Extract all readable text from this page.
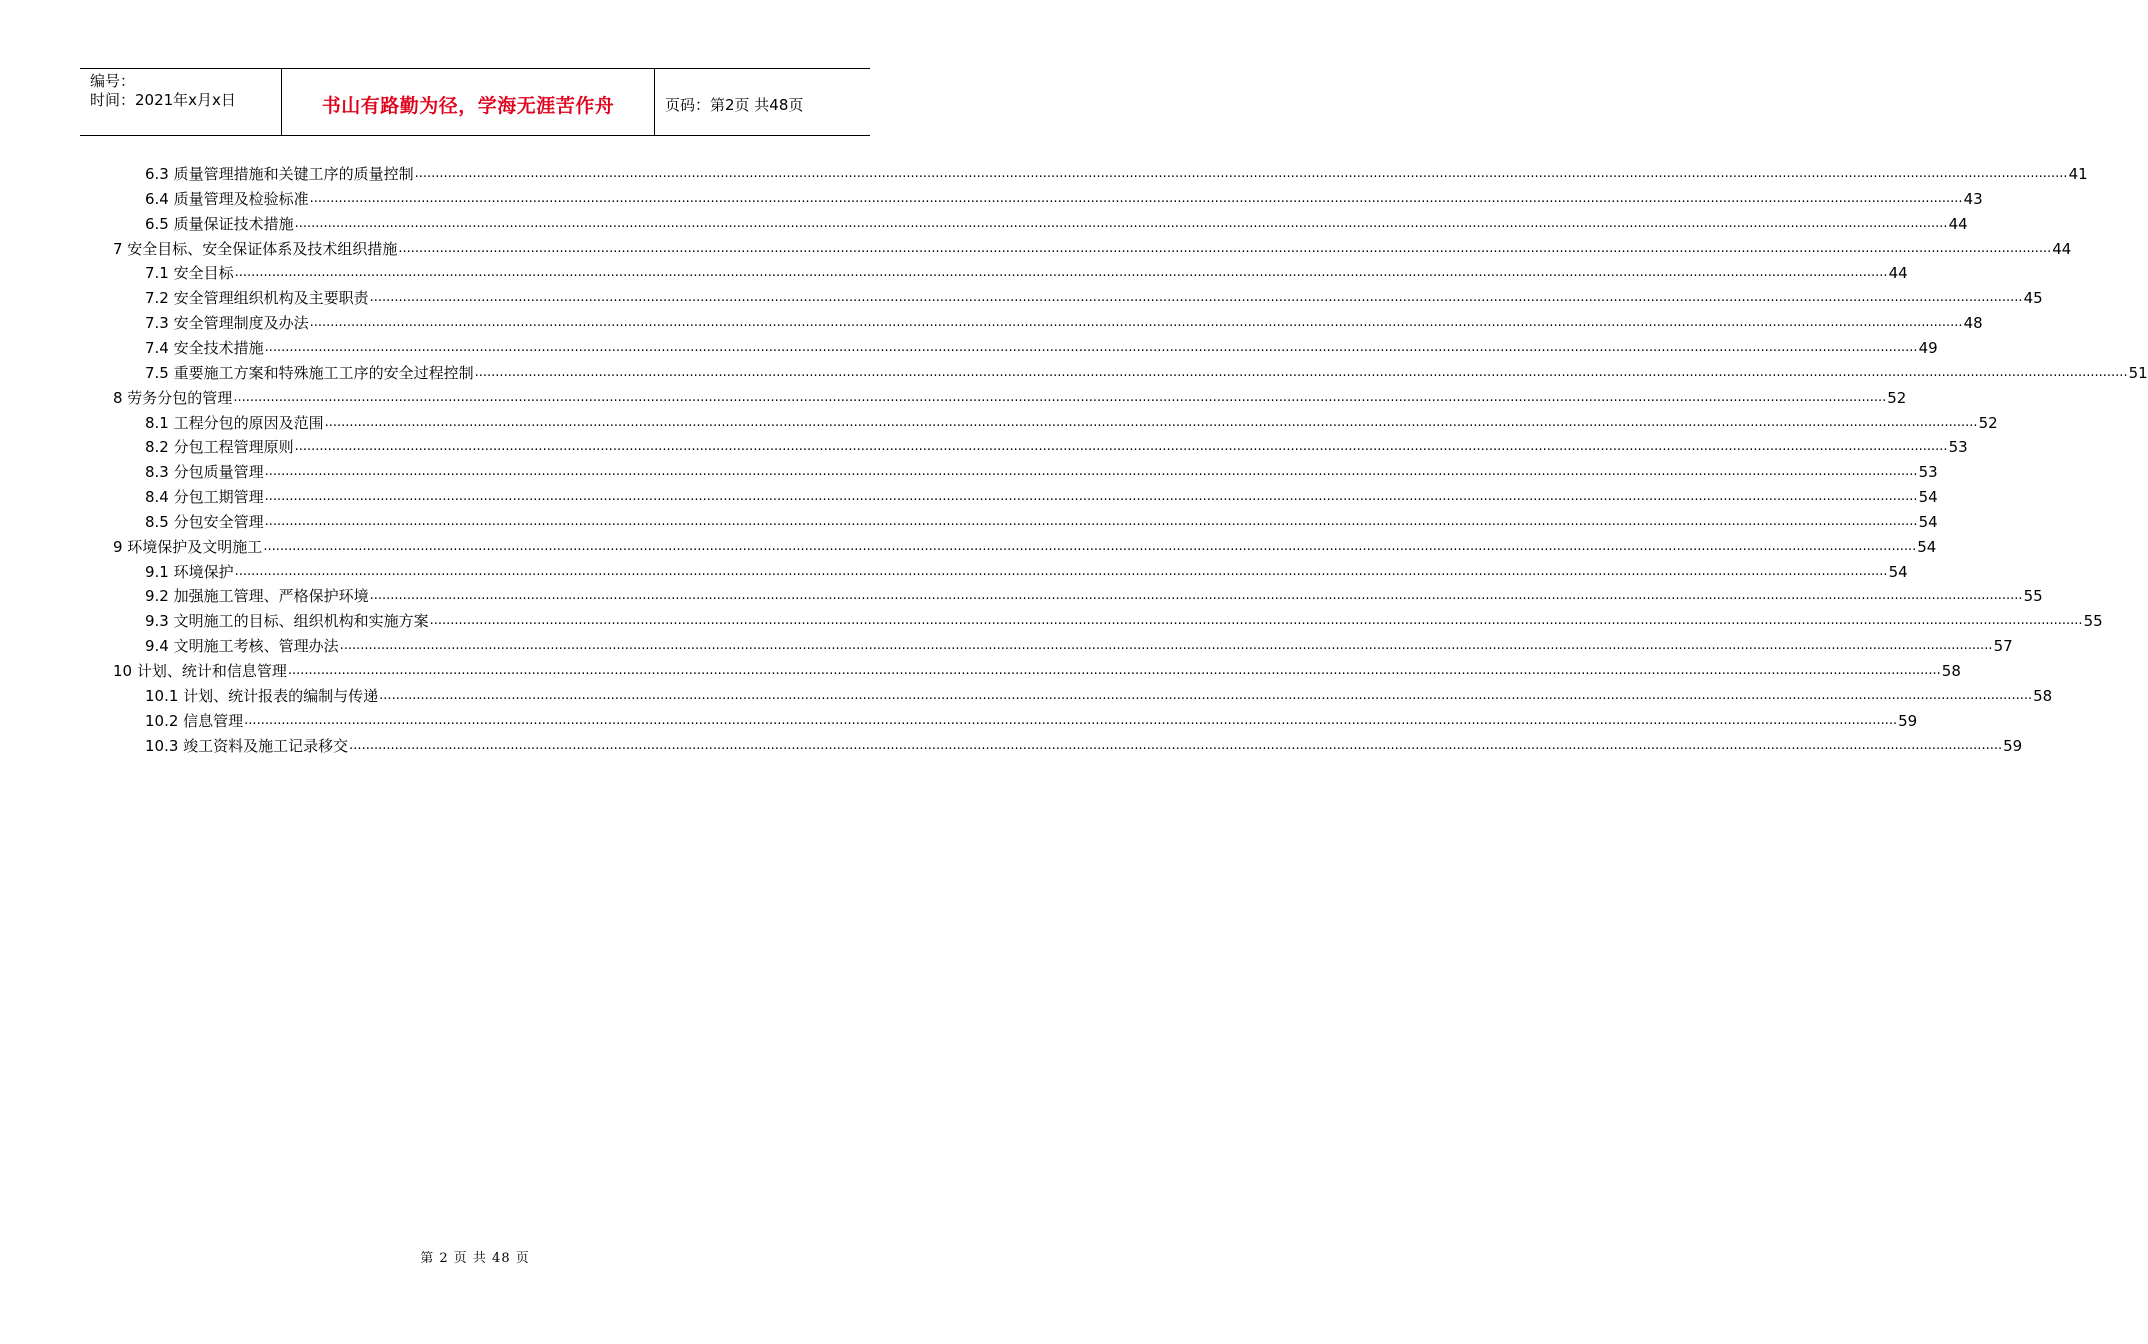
编号：
时间：2021年x月x日	书山有路勤为径，学海无涯苦作舟	页码：第2页 共48页
6.3 质量管理措施和关键工序的质量控制 ................................................................................................................................................................................................................................................................................................................................................................................................................ 41
6.4 质量管理及检验标准 ................................................................................................................................................................................................................................................................................................................................................................................................................ 43
6.5 质量保证技术措施 ................................................................................................................................................................................................................................................................................................................................................................................................................ 44
7 安全目标、安全保证体系及技术组织措施 ................................................................................................................................................................................................................................................................................................................................................................................................................ 44
7.1 安全目标 ................................................................................................................................................................................................................................................................................................................................................................................................................ 44
7.2 安全管理组织机构及主要职责 ................................................................................................................................................................................................................................................................................................................................................................................................................ 45
7.3 安全管理制度及办法 ................................................................................................................................................................................................................................................................................................................................................................................................................ 48
7.4 安全技术措施 ................................................................................................................................................................................................................................................................................................................................................................................................................ 49
7.5 重要施工方案和特殊施工工序的安全过程控制 ................................................................................................................................................................................................................................................................................................................................................................................................................ 51
8 劳务分包的管理 ................................................................................................................................................................................................................................................................................................................................................................................................................ 52
8.1 工程分包的原因及范围 ................................................................................................................................................................................................................................................................................................................................................................................................................ 52
8.2 分包工程管理原则 ................................................................................................................................................................................................................................................................................................................................................................................................................ 53
8.3 分包质量管理 ................................................................................................................................................................................................................................................................................................................................................................................................................ 53
8.4 分包工期管理 ................................................................................................................................................................................................................................................................................................................................................................................................................ 54
8.5 分包安全管理 ................................................................................................................................................................................................................................................................................................................................................................................................................ 54
9 环境保护及文明施工 ................................................................................................................................................................................................................................................................................................................................................................................................................ 54
9.1 环境保护 ................................................................................................................................................................................................................................................................................................................................................................................................................ 54
9.2 加强施工管理、严格保护环境 ................................................................................................................................................................................................................................................................................................................................................................................................................ 55
9.3 文明施工的目标、组织机构和实施方案 ................................................................................................................................................................................................................................................................................................................................................................................................................ 55
9.4 文明施工考核、管理办法 ................................................................................................................................................................................................................................................................................................................................................................................................................ 57
10 计划、统计和信息管理 ................................................................................................................................................................................................................................................................................................................................................................................................................ 58
10.1 计划、统计报表的编制与传递 ................................................................................................................................................................................................................................................................................................................................................................................................................ 58
10.2 信息管理 ................................................................................................................................................................................................................................................................................................................................................................................................................ 59
10.3 竣工资料及施工记录移交 ................................................................................................................................................................................................................................................................................................................................................................................................................ 59
第 2 页 共 48 页
